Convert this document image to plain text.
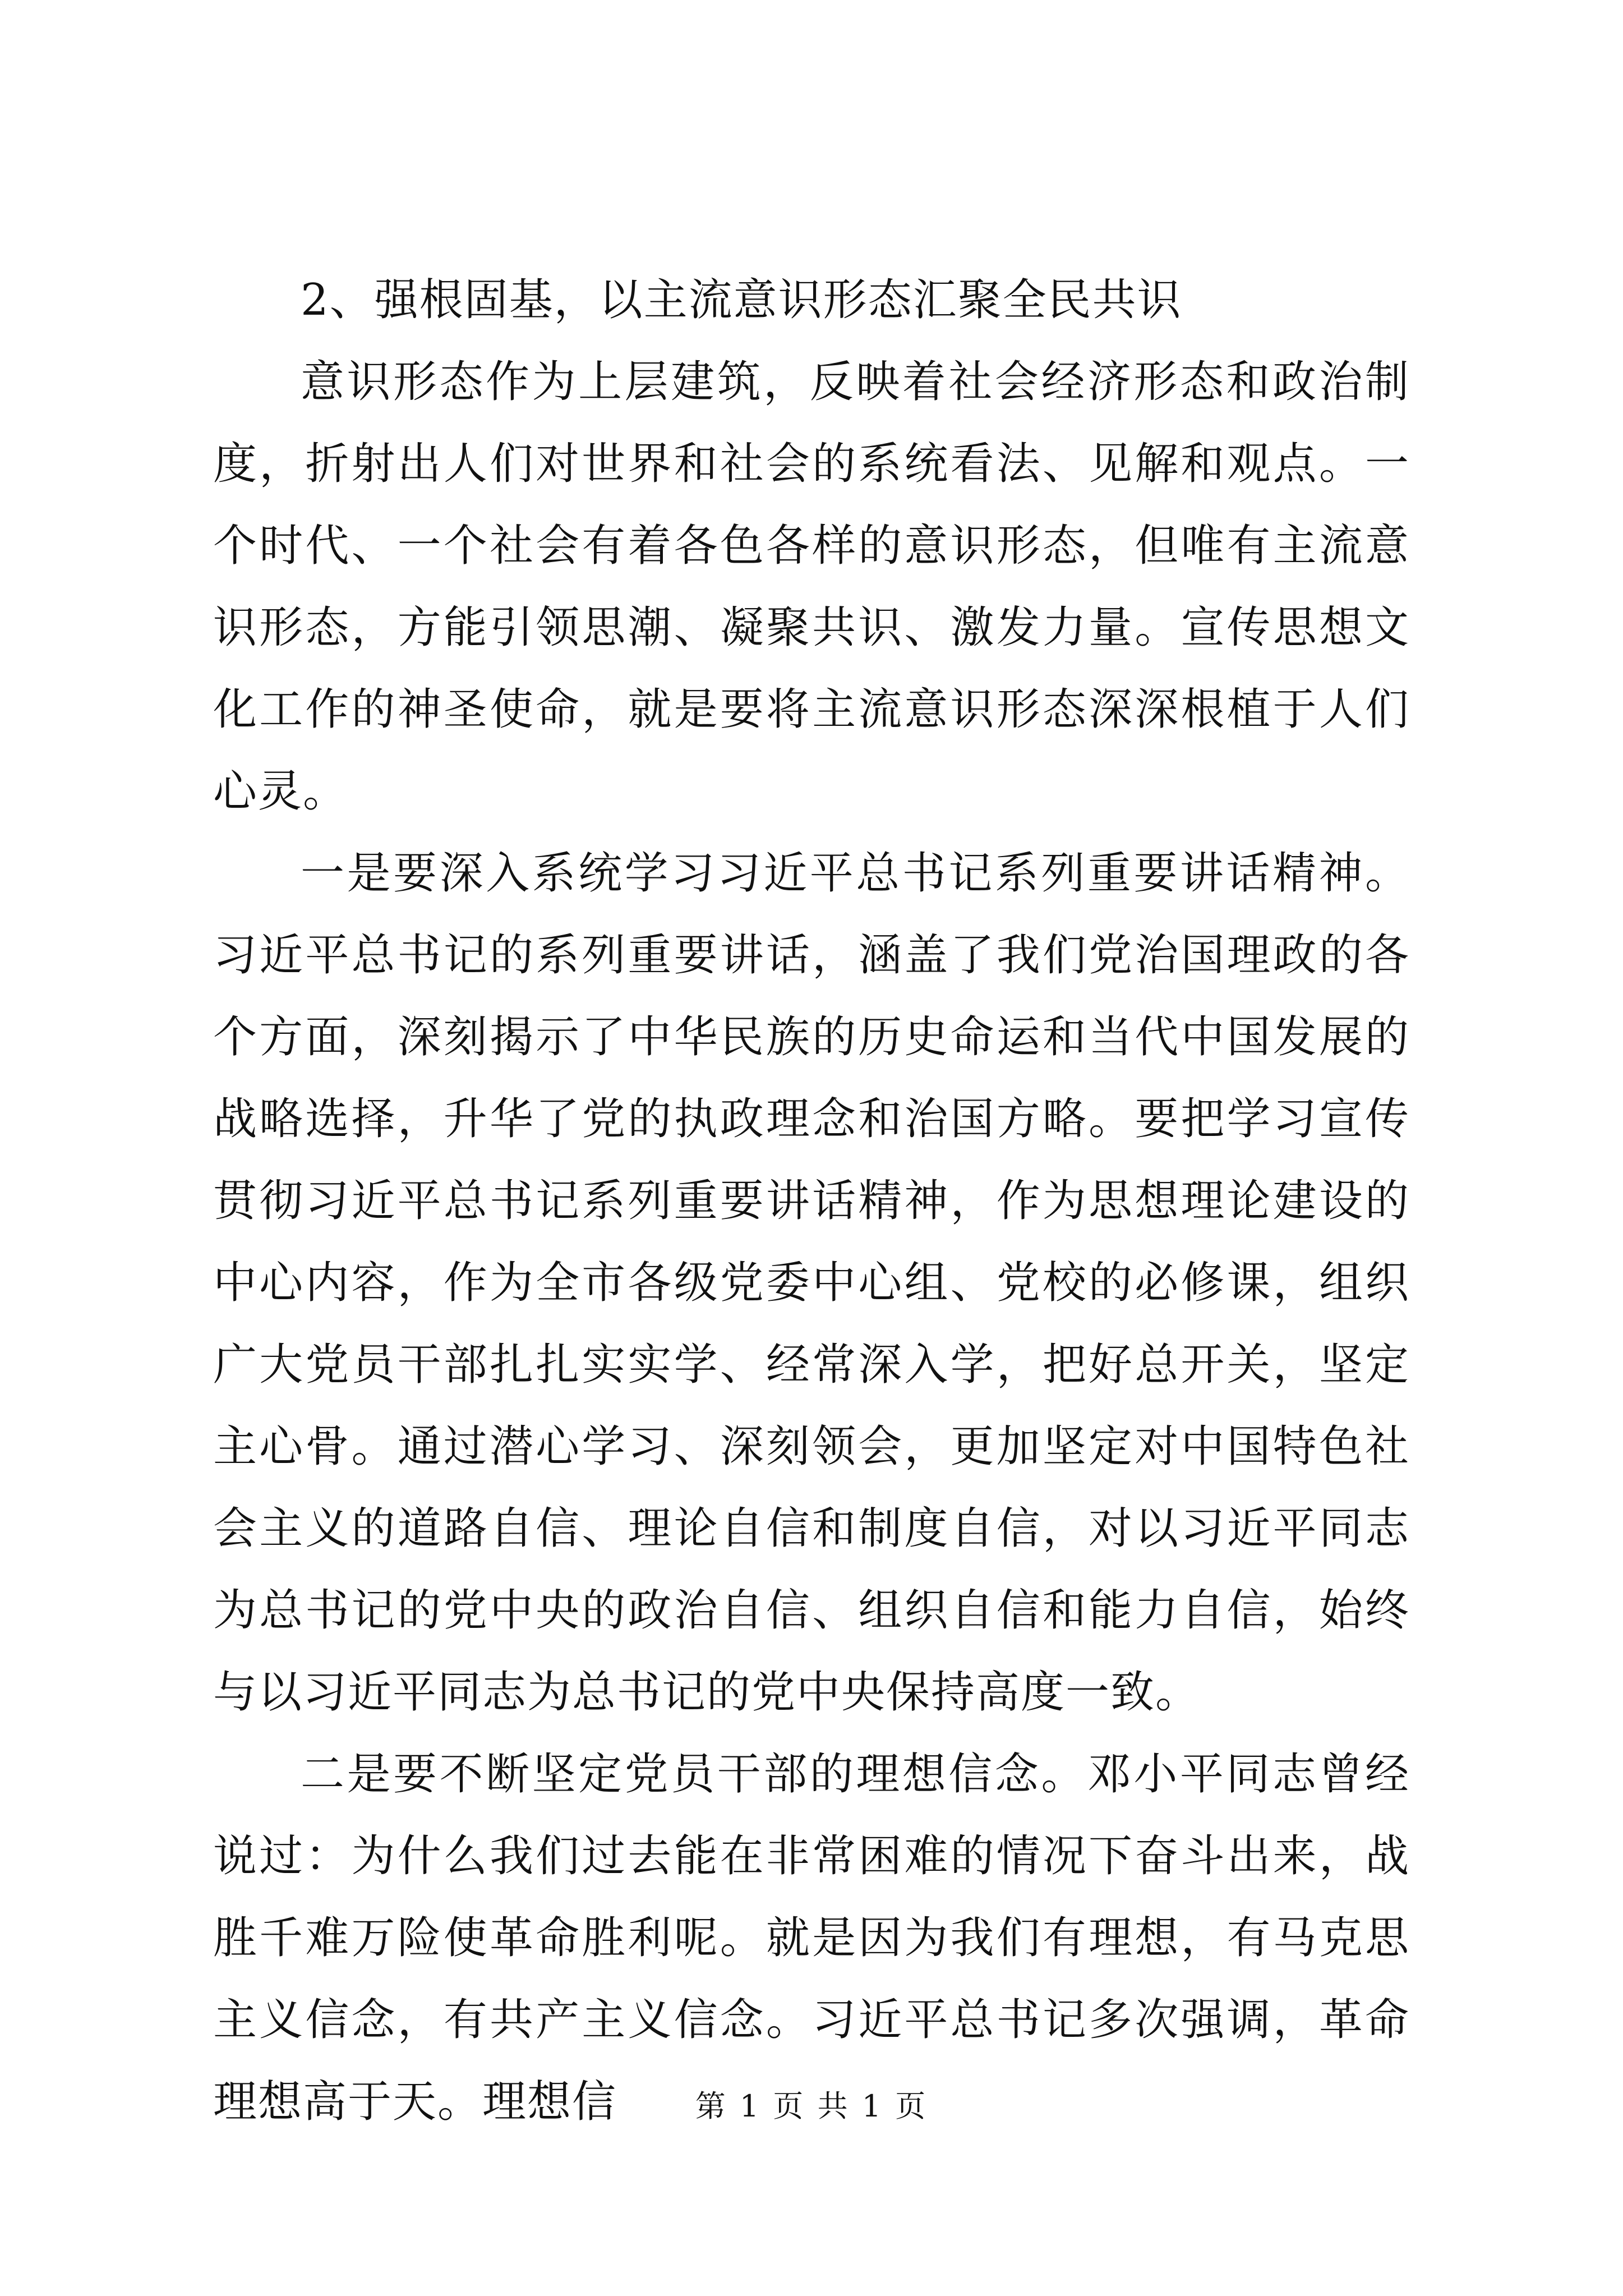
2、强根固基，以主流意识形态汇聚全民共识

意识形态作为上层建筑，反映着社会经济形态和政治制度，折射出人们对世界和社会的系统看法、见解和观点。一个时代、一个社会有着各色各样的意识形态，但唯有主流意识形态，方能引领思潮、凝聚共识、激发力量。宣传思想文化工作的神圣使命，就是要将主流意识形态深深根植于人们心灵。

一是要深入系统学习习近平总书记系列重要讲话精神。习近平总书记的系列重要讲话，涵盖了我们党治国理政的各个方面，深刻揭示了中华民族的历史命运和当代中国发展的战略选择，升华了党的执政理念和治国方略。要把学习宣传贯彻习近平总书记系列重要讲话精神，作为思想理论建设的中心内容，作为全市各级党委中心组、党校的必修课，组织广大党员干部扎扎实实学、经常深入学，把好总开关，坚定主心骨。通过潜心学习、深刻领会，更加坚定对中国特色社会主义的道路自信、理论自信和制度自信，对以习近平同志为总书记的党中央的政治自信、组织自信和能力自信，始终与以习近平同志为总书记的党中央保持高度一致。

二是要不断坚定党员干部的理想信念。邓小平同志曾经说过：为什么我们过去能在非常困难的情况下奋斗出来，战胜千难万险使革命胜利呢。就是因为我们有理想，有马克思主义信念，有共产主义信念。习近平总书记多次强调，革命理想高于天。理想信	第 1 页 共 1 页
